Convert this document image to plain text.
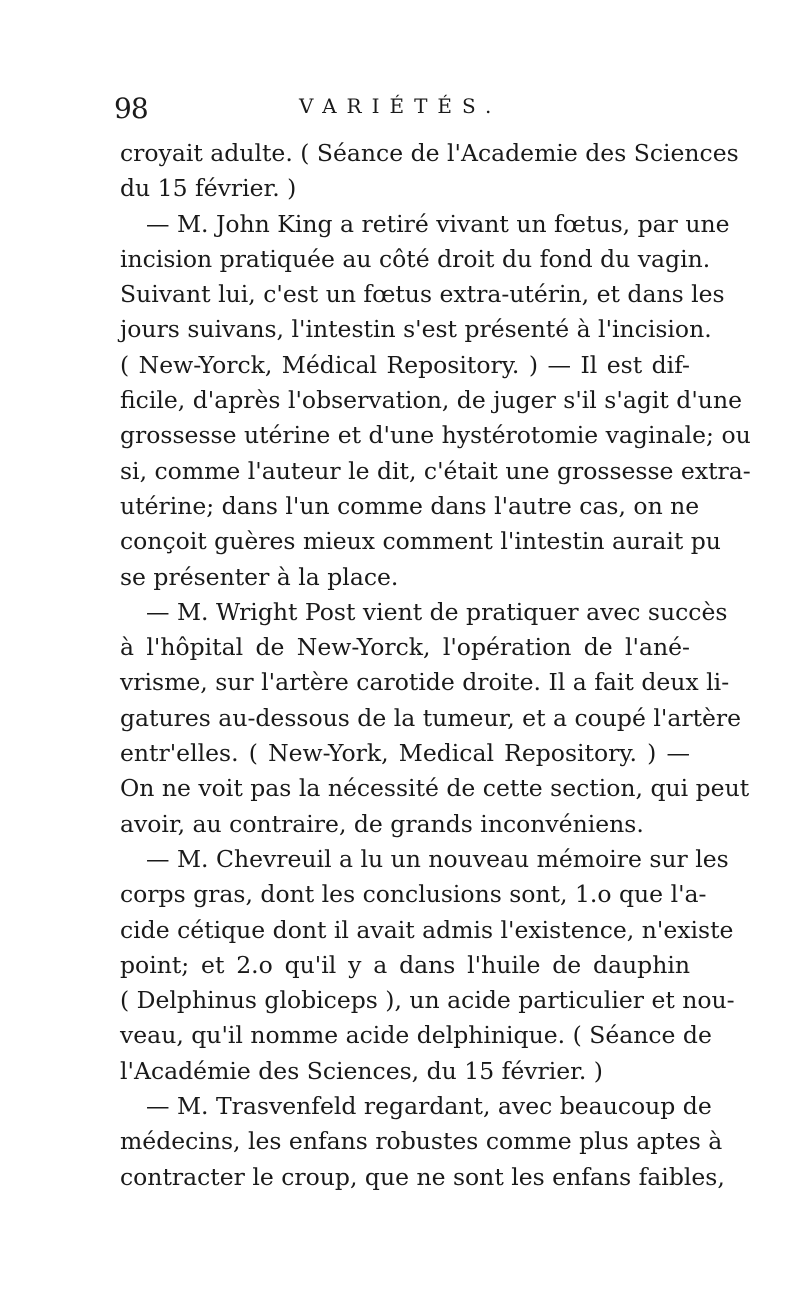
98	VARIÉTÉS.
croyait adulte. ( Séance de l'Academie des Sciences
du 15 février. )
— M. John King a retiré vivant un fœtus, par une
incision pratiquée au côté droit du fond du vagin.
Suivant lui, c'est un fœtus extra-utérin, et dans les
jours suivans, l'intestin s'est présenté à l'incision.
( New-Yorck, Médical Repository. ) — Il est dif-
ficile, d'après l'observation, de juger s'il s'agit d'une
grossesse utérine et d'une hystérotomie vaginale; ou
si, comme l'auteur le dit, c'était une grossesse extra-
utérine; dans l'un comme dans l'autre cas, on ne
conçoit guères mieux comment l'intestin aurait pu
se présenter à la place.
— M. Wright Post vient de pratiquer avec succès
à l'hôpital de New-Yorck, l'opération de l'ané-
vrisme, sur l'artère carotide droite. Il a fait deux li-
gatures au-dessous de la tumeur, et a coupé l'artère
entr'elles. ( New-York, Medical Repository. ) —
On ne voit pas la nécessité de cette section, qui peut
avoir, au contraire, de grands inconvéniens.
— M. Chevreuil a lu un nouveau mémoire sur les
corps gras, dont les conclusions sont, 1.o que l'a-
cide cétique dont il avait admis l'existence, n'existe
point; et 2.o qu'il y a dans l'huile de dauphin
( Delphinus globiceps ), un acide particulier et nou-
veau, qu'il nomme acide delphinique. ( Séance de
l'Académie des Sciences, du 15 février. )
— M. Trasvenfeld regardant, avec beaucoup de
médecins, les enfans robustes comme plus aptes à
contracter le croup, que ne sont les enfans faibles,
